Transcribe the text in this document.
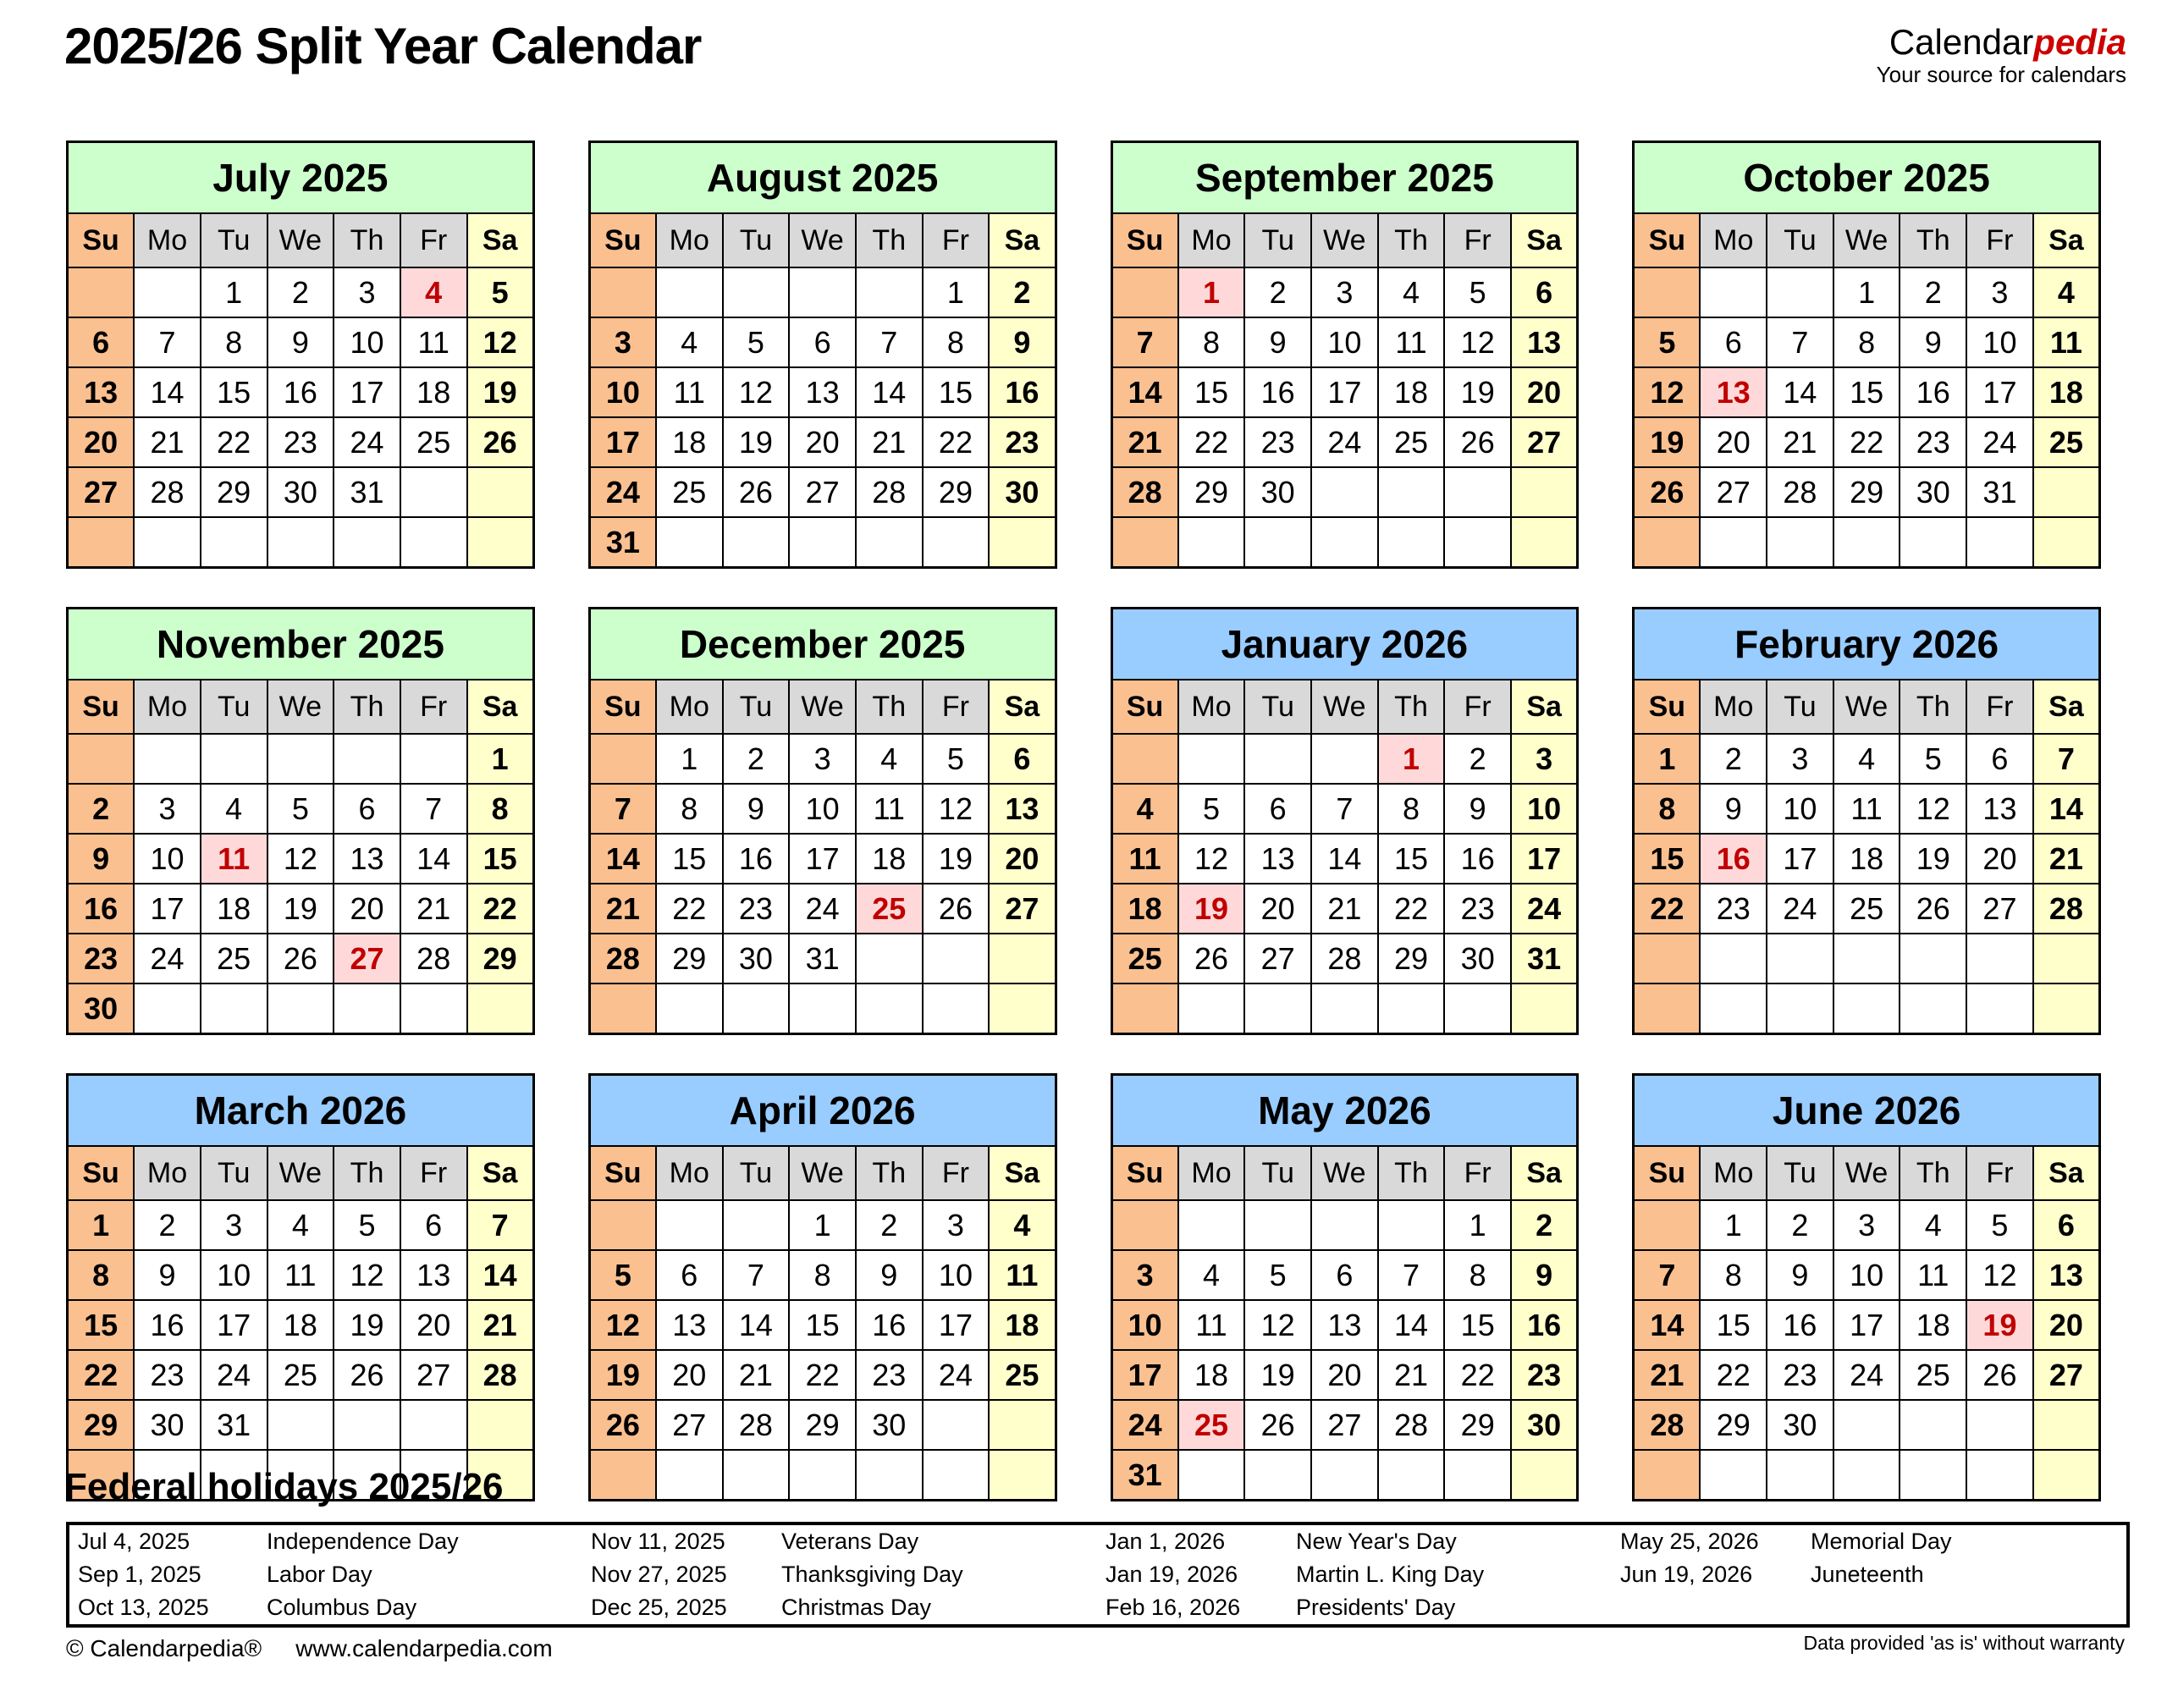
2025/26 Split Year Calendar	Calendarpedia
Your source for calendars
July 2025						
Su	Mo	Tu	We	Th	Fr	Sa
		1	2	3	4	5
6	7	8	9	10	11	12
13	14	15	16	17	18	19
20	21	22	23	24	25	26
27	28	29	30	31		

August 2025						
Su	Mo	Tu	We	Th	Fr	Sa
					1	2
3	4	5	6	7	8	9
10	11	12	13	14	15	16
17	18	19	20	21	22	23
24	25	26	27	28	29	30
31						
September 2025						
Su	Mo	Tu	We	Th	Fr	Sa
	1	2	3	4	5	6
7	8	9	10	11	12	13
14	15	16	17	18	19	20
21	22	23	24	25	26	27
28	29	30				

October 2025						
Su	Mo	Tu	We	Th	Fr	Sa
			1	2	3	4
5	6	7	8	9	10	11
12	13	14	15	16	17	18
19	20	21	22	23	24	25
26	27	28	29	30	31	

November 2025						
Su	Mo	Tu	We	Th	Fr	Sa
						1
2	3	4	5	6	7	8
9	10	11	12	13	14	15
16	17	18	19	20	21	22
23	24	25	26	27	28	29
30						
December 2025						
Su	Mo	Tu	We	Th	Fr	Sa
	1	2	3	4	5	6
7	8	9	10	11	12	13
14	15	16	17	18	19	20
21	22	23	24	25	26	27
28	29	30	31			

January 2026						
Su	Mo	Tu	We	Th	Fr	Sa
				1	2	3
4	5	6	7	8	9	10
11	12	13	14	15	16	17
18	19	20	21	22	23	24
25	26	27	28	29	30	31

February 2026						
Su	Mo	Tu	We	Th	Fr	Sa
1	2	3	4	5	6	7
8	9	10	11	12	13	14
15	16	17	18	19	20	21
22	23	24	25	26	27	28

March 2026						
Su	Mo	Tu	We	Th	Fr	Sa
1	2	3	4	5	6	7
8	9	10	11	12	13	14
15	16	17	18	19	20	21
22	23	24	25	26	27	28
29	30	31				

April 2026						
Su	Mo	Tu	We	Th	Fr	Sa
			1	2	3	4
5	6	7	8	9	10	11
12	13	14	15	16	17	18
19	20	21	22	23	24	25
26	27	28	29	30		

May 2026						
Su	Mo	Tu	We	Th	Fr	Sa
					1	2
3	4	5	6	7	8	9
10	11	12	13	14	15	16
17	18	19	20	21	22	23
24	25	26	27	28	29	30
31						
June 2026						
Su	Mo	Tu	We	Th	Fr	Sa
	1	2	3	4	5	6
7	8	9	10	11	12	13
14	15	16	17	18	19	20
21	22	23	24	25	26	27
28	29	30				

Federal holidays 2025/26
Jul 4, 2025	Independence Day	Nov 11, 2025	Veterans Day	Jan 1, 2026	New Year's Day	May 25, 2026	Memorial Day
Sep 1, 2025	Labor Day	Nov 27, 2025	Thanksgiving Day	Jan 19, 2026	Martin L. King Day	Jun 19, 2026	Juneteenth
Oct 13, 2025	Columbus Day	Dec 25, 2025	Christmas Day	Feb 16, 2026	Presidents' Day		
© Calendarpedia® www.calendarpedia.com	Data provided 'as is' without warranty
